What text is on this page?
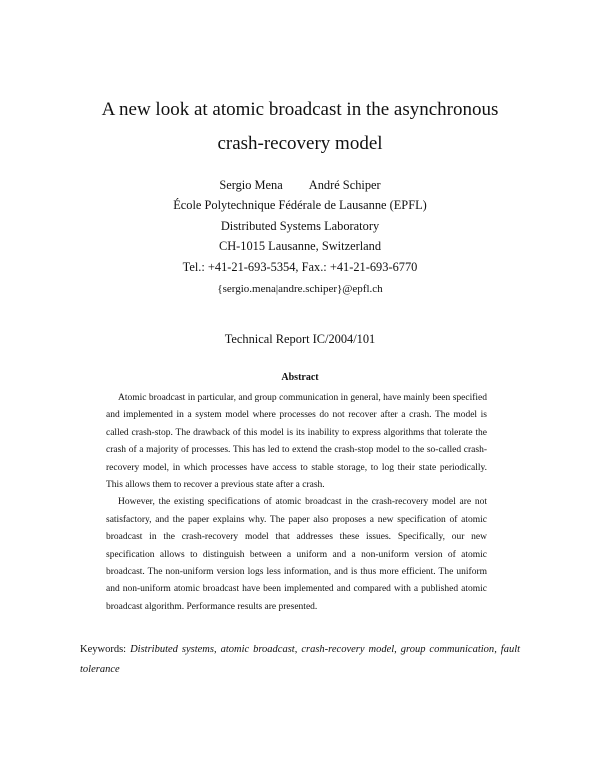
A new look at atomic broadcast in the asynchronous
crash-recovery model
Sergio Mena André Schiper
École Polytechnique Fédérale de Lausanne (EPFL)
Distributed Systems Laboratory
CH-1015 Lausanne, Switzerland
Tel.: +41-21-693-5354, Fax.: +41-21-693-6770
{sergio.mena|andre.schiper}@epfl.ch
Technical Report IC/2004/101
Abstract

Atomic broadcast in particular, and group communication in general, have mainly been specified and implemented in a system model where processes do not recover after a crash. The model is called crash-stop. The drawback of this model is its inability to express algorithms that tolerate the crash of a majority of processes. This has led to extend the crash-stop model to the so-called crash-recovery model, in which processes have access to stable storage, to log their state periodically. This allows them to recover a previous state after a crash.

However, the existing specifications of atomic broadcast in the crash-recovery model are not satisfactory, and the paper explains why. The paper also proposes a new specification of atomic broadcast in the crash-recovery model that addresses these issues. Specifically, our new specification allows to distinguish between a uniform and a non-uniform version of atomic broadcast. The non-uniform version logs less information, and is thus more efficient. The uniform and non-uniform atomic broadcast have been implemented and compared with a published atomic broadcast algorithm. Performance results are presented.

Keywords: Distributed systems, atomic broadcast, crash-recovery model, group communication, fault tolerance
